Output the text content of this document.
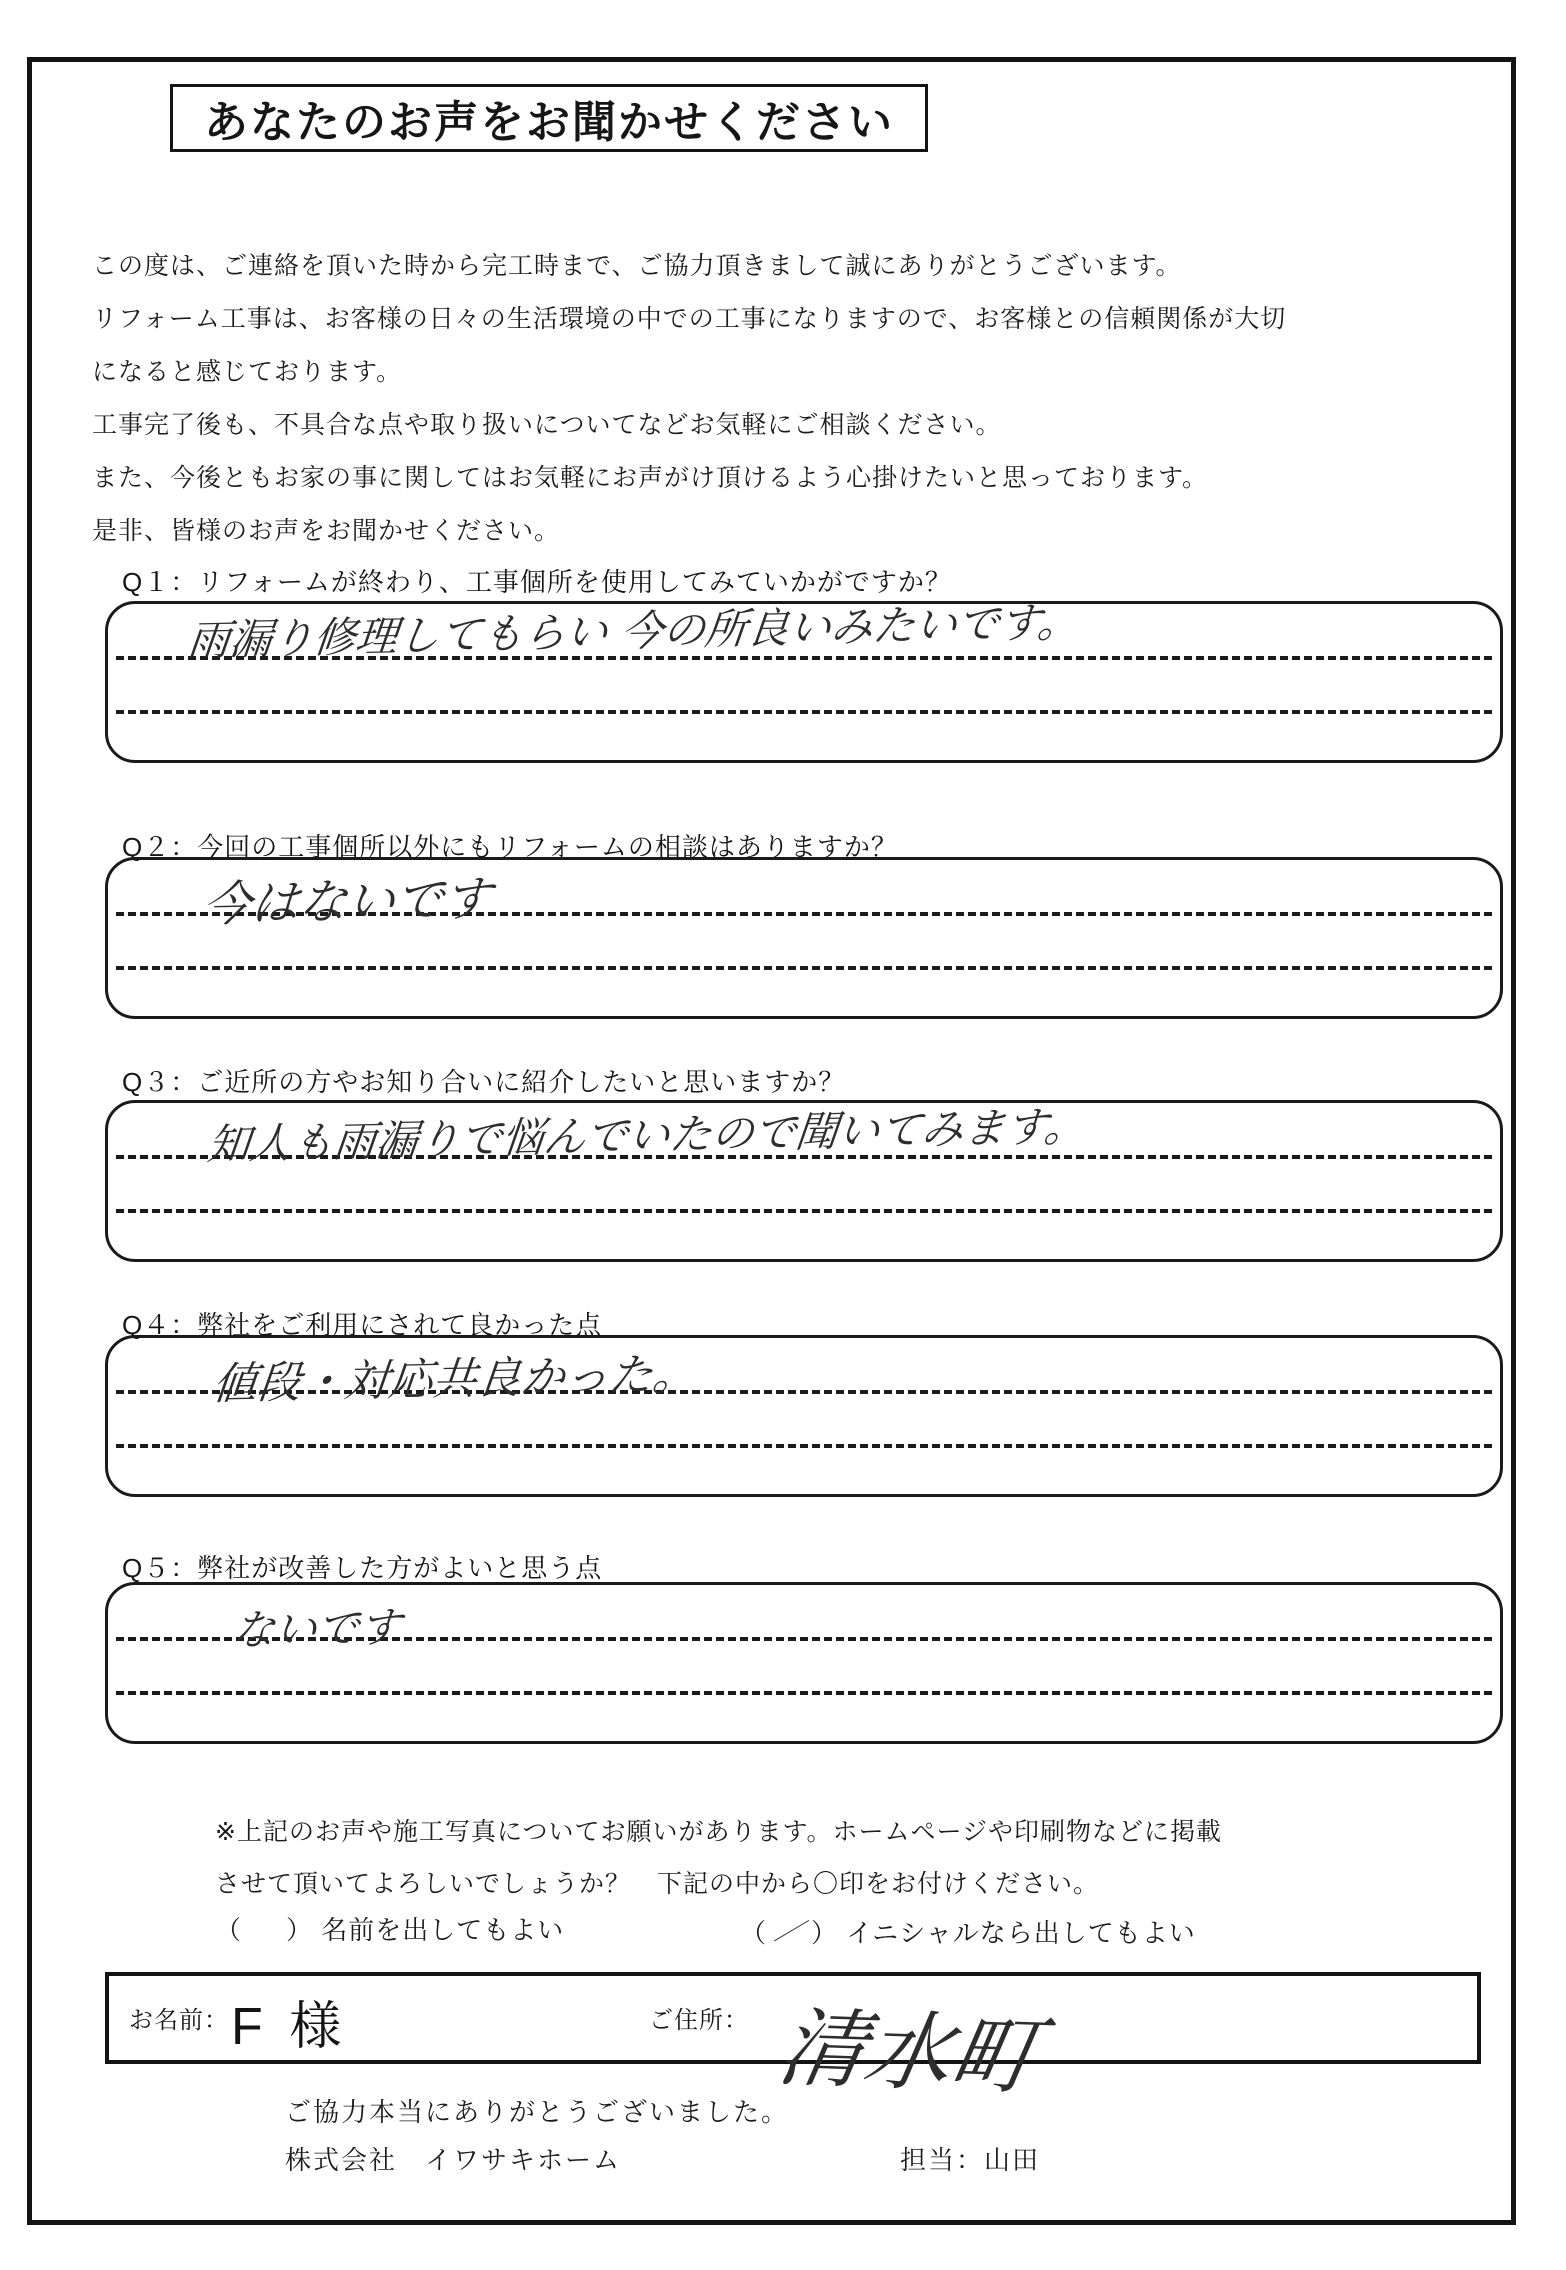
あなたのお声をお聞かせください
この度は、ご連絡を頂いた時から完工時まで、ご協力頂きまして誠にありがとうございます。
リフォーム工事は、お客様の日々の生活環境の中での工事になりますので、お客様との信頼関係が大切
になると感じております。
工事完了後も、不具合な点や取り扱いについてなどお気軽にご相談ください。
また、今後ともお家の事に関してはお気軽にお声がけ頂けるよう心掛けたいと思っております。
是非、皆様のお声をお聞かせください。
Q１：リフォームが終わり、工事個所を使用してみていかがですか？
雨漏り修理してもらい 今の所良いみたいです。
Q２：今回の工事個所以外にもリフォームの相談はありますか？
今はないです
Q３：ご近所の方やお知り合いに紹介したいと思いますか？
知人も雨漏りで悩んでいたので聞いてみます。
Q４：弊社をご利用にされて良かった点
値段・対応共良かった。
Q５：弊社が改善した方がよいと思う点
ないです
※上記のお声や施工写真についてお願いがあります。ホームページや印刷物などに掲載
させて頂いてよろしいでしょうか？　下記の中から〇印をお付けください。
（ ） 名前を出してもよい	（ ／ ） イニシャルなら出してもよい
お名前： F 様	ご住所： 清水町
ご協力本当にありがとうございました。
株式会社　イワサキホーム	担当：山田
